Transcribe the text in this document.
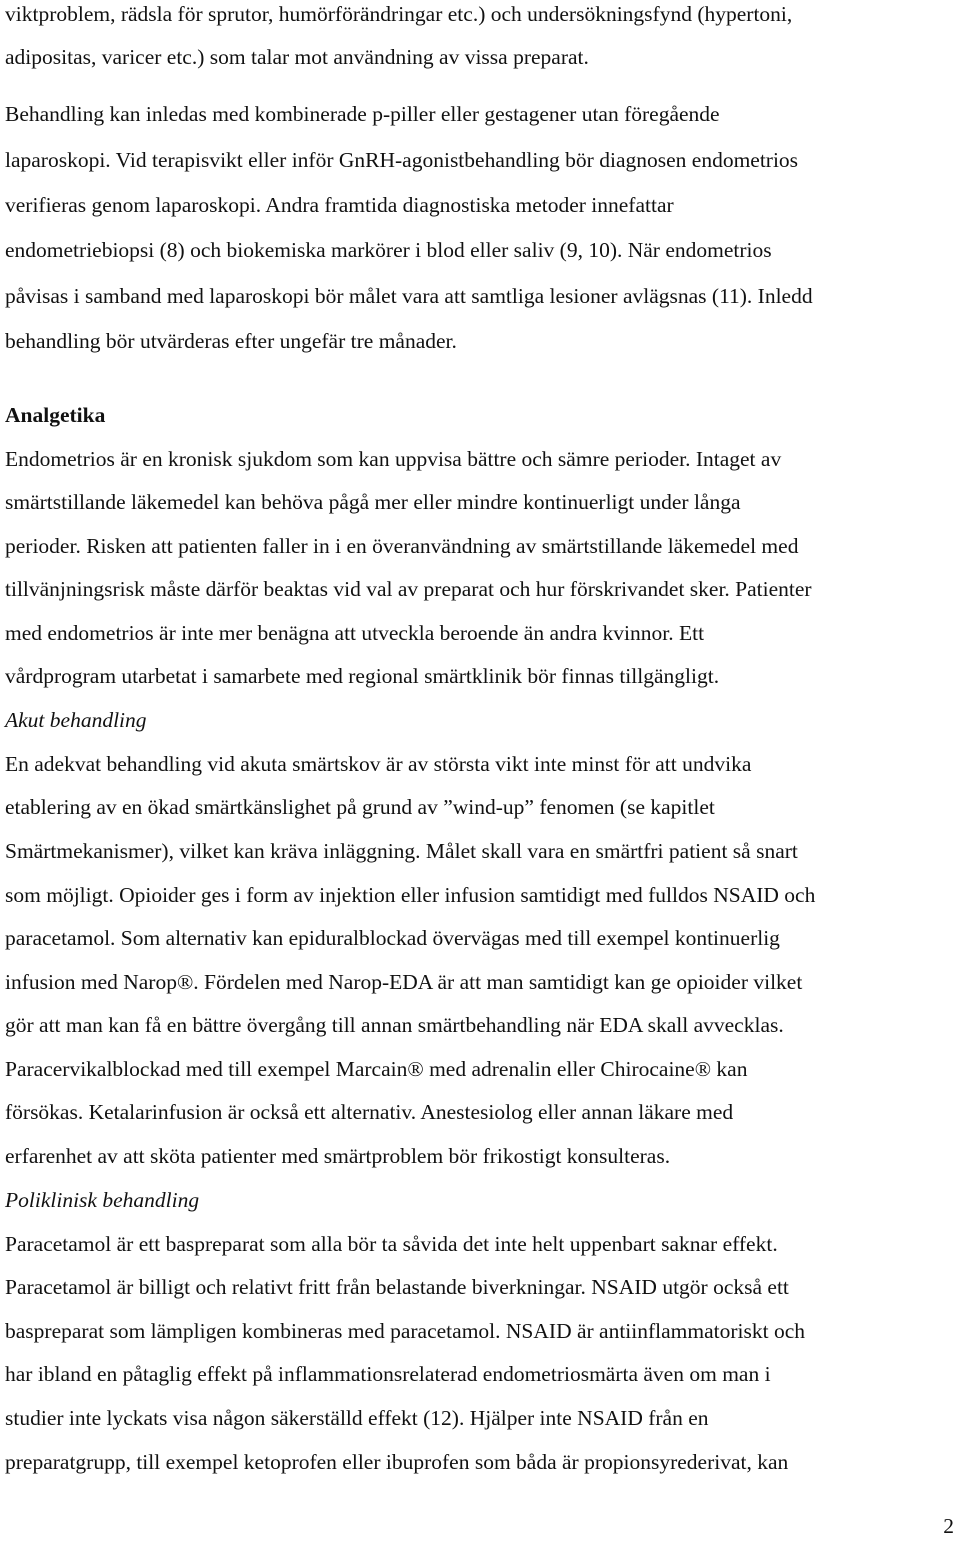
viktproblem, rädsla för sprutor, humörförändringar etc.) och undersökningsfynd (hypertoni,
adipositas, varicer etc.) som talar mot användning av vissa preparat.
Behandling kan inledas med kombinerade p-piller eller gestagener utan föregående
laparoskopi. Vid terapisvikt eller inför GnRH-agonistbehandling bör diagnosen endometrios
verifieras genom laparoskopi. Andra framtida diagnostiska metoder innefattar
endometriebiopsi (8) och biokemiska markörer i blod eller saliv (9, 10). När endometrios
påvisas i samband med laparoskopi bör målet vara att samtliga lesioner avlägsnas (11). Inledd
behandling bör utvärderas efter ungefär tre månader.
Analgetika
Endometrios är en kronisk sjukdom som kan uppvisa bättre och sämre perioder. Intaget av
smärtstillande läkemedel kan behöva pågå mer eller mindre kontinuerligt under långa
perioder. Risken att patienten faller in i en överanvändning av smärtstillande läkemedel med
tillvänjningsrisk måste därför beaktas vid val av preparat och hur förskrivandet sker. Patienter
med endometrios är inte mer benägna att utveckla beroende än andra kvinnor. Ett
vårdprogram utarbetat i samarbete med regional smärtklinik bör finnas tillgängligt.
Akut behandling
En adekvat behandling vid akuta smärtskov är av största vikt inte minst för att undvika
etablering av en ökad smärtkänslighet på grund av ”wind-up” fenomen (se kapitlet
Smärtmekanismer), vilket kan kräva inläggning. Målet skall vara en smärtfri patient så snart
som möjligt. Opioider ges i form av injektion eller infusion samtidigt med fulldos NSAID och
paracetamol. Som alternativ kan epiduralblockad övervägas med till exempel kontinuerlig
infusion med Narop®. Fördelen med Narop-EDA är att man samtidigt kan ge opioider vilket
gör att man kan få en bättre övergång till annan smärtbehandling när EDA skall avvecklas.
Paracervikalblockad med till exempel Marcain® med adrenalin eller Chirocaine® kan
försökas. Ketalarinfusion är också ett alternativ. Anestesiolog eller annan läkare med
erfarenhet av att sköta patienter med smärtproblem bör frikostigt konsulteras.
Poliklinisk behandling
Paracetamol är ett baspreparat som alla bör ta såvida det inte helt uppenbart saknar effekt.
Paracetamol är billigt och relativt fritt från belastande biverkningar. NSAID utgör också ett
baspreparat som lämpligen kombineras med paracetamol. NSAID är antiinflammatoriskt och
har ibland en påtaglig effekt på inflammationsrelaterad endometriosmärta även om man i
studier inte lyckats visa någon säkerställd effekt (12). Hjälper inte NSAID från en
preparatgrupp, till exempel ketoprofen eller ibuprofen som båda är propionsyrederivat, kan
2
